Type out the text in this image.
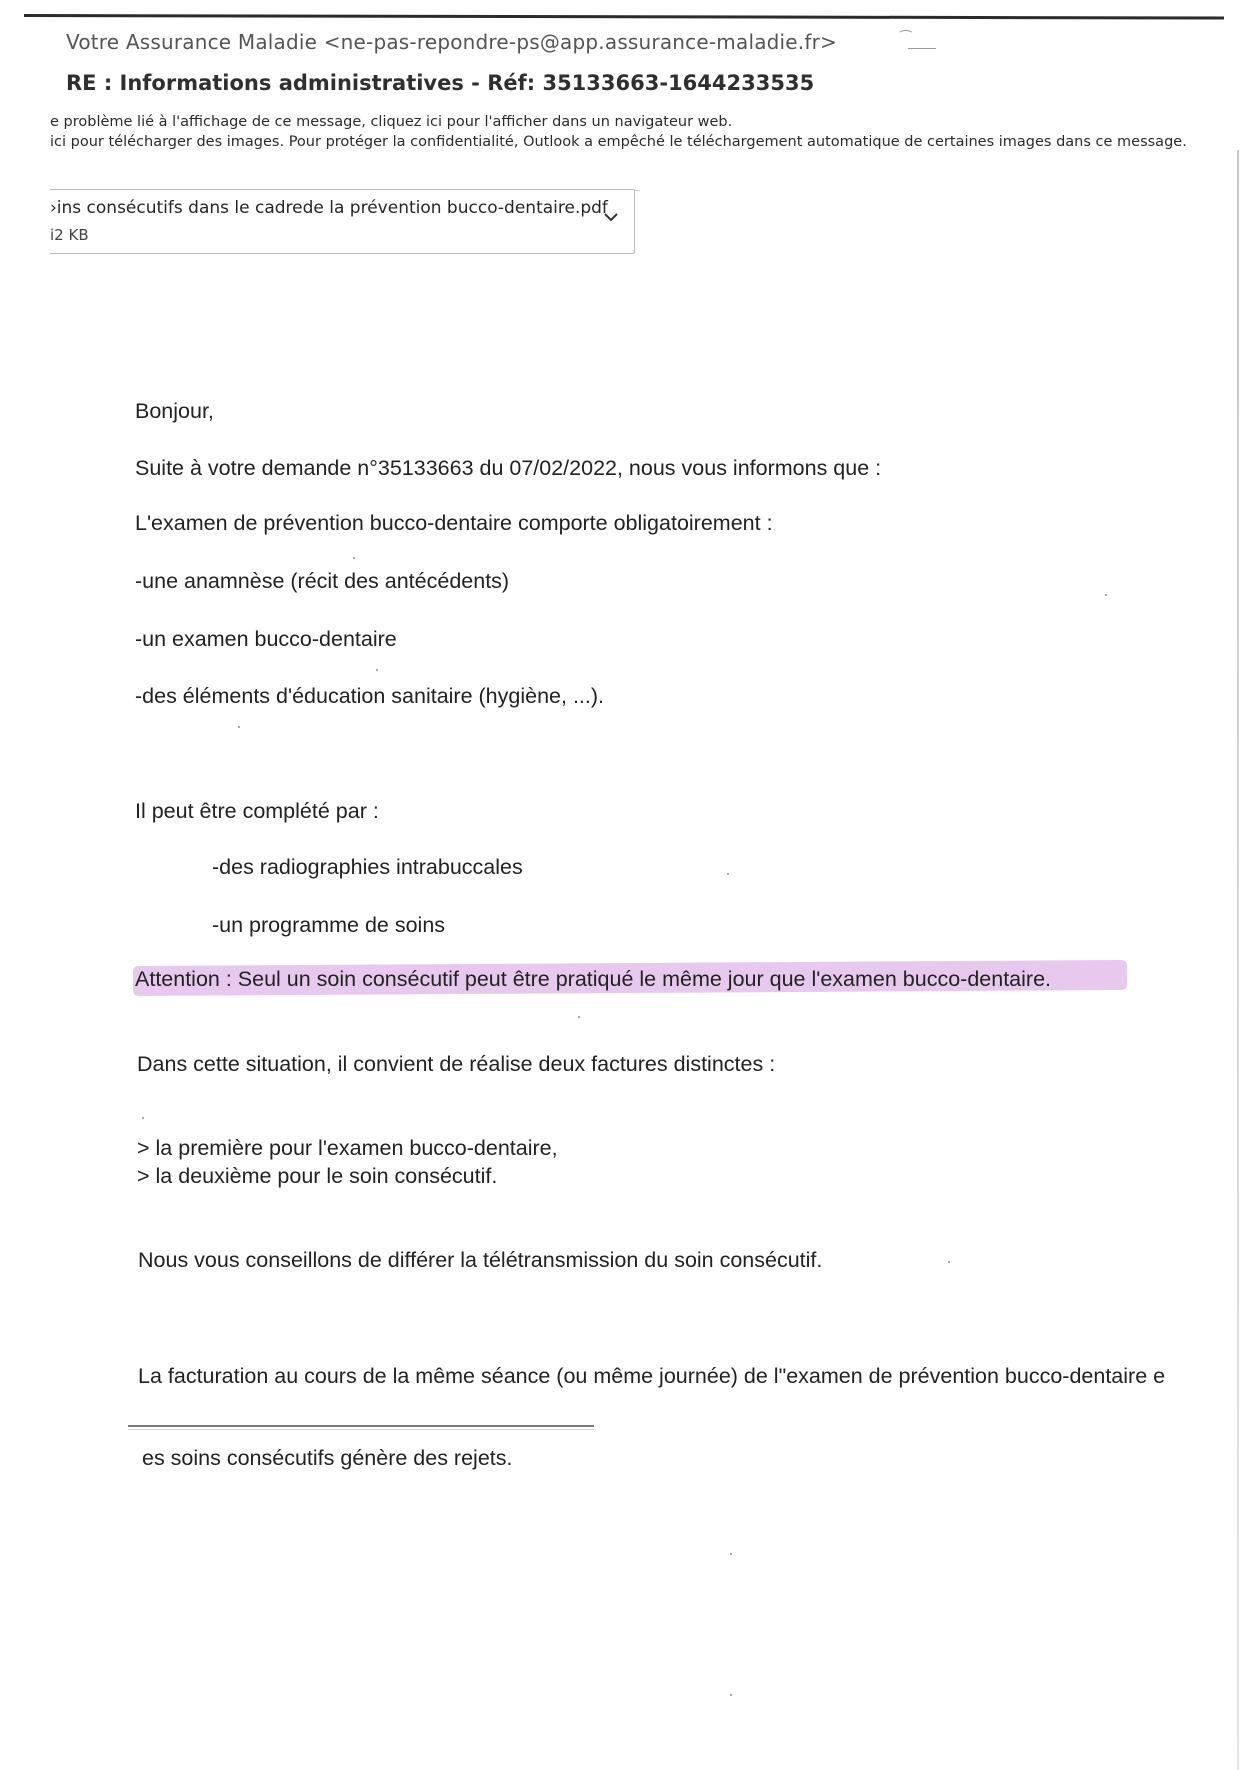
⁀
Votre Assurance Maladie <ne-pas-repondre-ps@app.assurance-maladie.fr>
RE : Informations administratives - Réf: 35133663-1644233535
e problème lié à l'affichage de ce message, cliquez ici pour l'afficher dans un navigateur web.
ici pour télécharger des images. Pour protéger la confidentialité, Outlook a empêché le téléchargement automatique de certaines images dans ce message.
›ins consécutifs dans le cadrede la prévention bucco-dentaire.pdf
i2 KB
Bonjour,
Suite à votre demande n°35133663 du 07/02/2022, nous vous informons que :
L'examen de prévention bucco-dentaire comporte obligatoirement :
-une anamnèse (récit des antécédents)
-un examen bucco-dentaire
-des éléments d'éducation sanitaire (hygiène, ...).
Il peut être complété par :
-des radiographies intrabuccales
-un programme de soins
Attention : Seul un soin consécutif peut être pratiqué le même jour que l'examen bucco-dentaire.
Dans cette situation, il convient de réalise deux factures distinctes :
> la première pour l'examen bucco-dentaire,
> la deuxième pour le soin consécutif.
Nous vous conseillons de différer la télétransmission du soin consécutif.
La facturation au cours de la même séance (ou même journée) de l"examen de prévention bucco-dentaire e
es soins consécutifs génère des rejets.
